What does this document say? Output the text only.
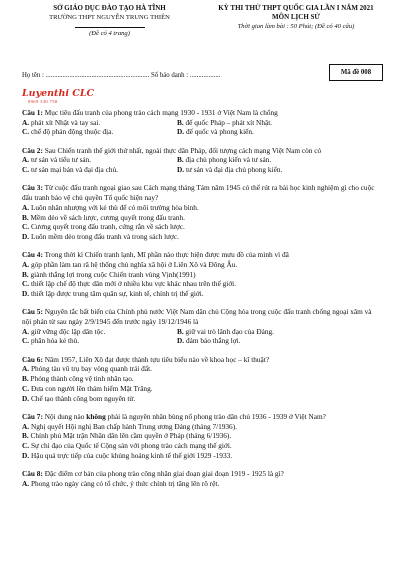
SỞ GIÁO DỤC ĐÀO TẠO HÀ TĨNH
TRƯỜNG THPT NGUYỄN TRUNG THIÊN
(Đề có 4 trang)
KỲ THI THỬ THPT QUỐC GIA LẦN I NĂM 2021
MÔN LỊCH SỬ
Thời gian làm bài : 50 Phút; (Đề có 40 câu)
Họ tên : ............................................................. Số báo danh : ..................	Mã đề 008
Luyenthi CLC
0969 330 758
Câu 1: Mục tiêu đấu tranh của phong trào cách mạng 1930 - 1931 ở Việt Nam là chống
A. phát xít Nhật và tay sai.	B. đế quốc Pháp – phát xít Nhật.
C. chế độ phản động thuộc địa.	D. đế quốc và phong kiến.
Câu 2: Sau Chiến tranh thế giới thứ nhất, ngoài thực dân Pháp, đối tượng cách mạng Việt Nam còn có
A. tư sản và tiểu tư sản.	B. địa chủ phong kiến và tư sản.
C. tư sản mại bản và đại địa chủ.	D. tư sản và đại địa chủ phong kiến.
Câu 3: Từ cuộc đấu tranh ngoại giao sau Cách mạng tháng Tám năm 1945 có thể rút ra bài học kinh nghiệm gì cho cuộc đấu tranh bảo vệ chủ quyền Tổ quốc hiện nay?
A. Luôn nhân nhượng với kẻ thù để có môi trường hòa bình.
B. Mềm dẻo về sách lược, cương quyết trong đấu tranh.
C. Cương quyết trong đấu tranh, cứng rắn về sách lược.
D. Luôn mềm dẻo trong đấu tranh và trong sách lược.
Câu 4: Trong thời kì Chiến tranh lạnh, Mĩ phần nào thực hiện được mưu đồ của mình vì đã
A. góp phần làm tan rã hệ thống chủ nghĩa xã hội ở Liên Xô và Đông Âu.
B. giành thắng lợi trong cuộc Chiến tranh vùng Vịnh(1991)
C. thiết lập chế độ thực dân mới ở nhiều khu vực khác nhau trên thế giới.
D. thiết lập được trung tâm quân sự, kinh tế, chính trị thế giới.
Câu 5: Nguyên tắc bất biến của Chính phủ nước Việt Nam dân chủ Cộng hòa trong cuộc đấu tranh chống ngoại xâm và nội phản từ sau ngày 2/9/1945 đến trước ngày 19/12/1946 là
A. giữ vững độc lập dân tộc.	B. giữ vai trò lãnh đạo của Đảng.
C. phân hóa kẻ thù.	D. đảm bảo thắng lợi.
Câu 6: Năm 1957, Liên Xô đạt được thành tựu tiêu biểu nào về khoa học – kĩ thuật?
A. Phóng tàu vũ trụ bay vòng quanh trái đất.
B. Phóng thành công vệ tinh nhân tạo.
C. Đưa con người lên thám hiểm Mặt Trăng.
D. Chế tạo thành công bom nguyên tử.
Câu 7: Nội dung nào không phải là nguyên nhân bùng nổ phong trào dân chủ 1936 - 1939 ở Việt Nam?
A. Nghị quyết Hội nghị Ban chấp hành Trung ương Đảng (tháng 7/1936).
B. Chính phủ Mặt trận Nhân dân lên cầm quyền ở Pháp (tháng 6/1936).
C. Sự chỉ đạo của Quốc tế Cộng sản với phong trào cách mạng thế giới.
D. Hậu quả trực tiếp của cuộc khủng hoảng kinh tế thế giới 1929 -1933.
Câu 8: Đặc điểm cơ bản của phong trào công nhân giai đoạn giai đoạn 1919 - 1925 là gì?
A. Phong trào ngày càng có tổ chức, ý thức chính trị tăng lên rõ rệt.
